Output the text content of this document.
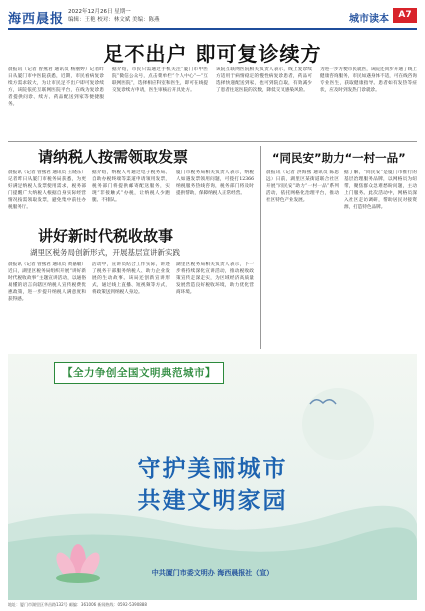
海西晨报 2022年12月26日 星期一
编辑：王艳 校对：林文斌 美编：陈燕	城市读本	A7
足不出户 即可复诊续方
晨报讯（记者 曾燕君 通讯员 杨丽婷）记者昨日从厦门市中医院获悉，近期，市民看病复诊续方需求较大，为让市民足不出户即可复诊续方，该院依托互联网医院平台，在线为复诊患者提供问诊、续方、药品配送到家等便捷服务。
据介绍，市民只需通过手机关注“厦门市中医院”微信公众号，点击菜单栏“个人中心”—“互联网医院”，选择相应科室和医生，即可在线提交复诊续方申请，医生审核后开具处方。
该院互联网医院相关负责人表示，线上复诊续方适用于病情稳定的慢性病复诊患者，药品可选择快递配送到家，也可到院自取，有效减少了患者往返医院的次数，降低交叉感染风险。
为进一步方便市民就医，该院还同步开通了线上健康咨询服务，市民如遇身体不适，可在线咨询专业医生，获取健康指导。患者如有发热等症状，应及时到发热门诊就诊。
请纳税人按需领取发票
晨报讯（记者 曾燕君 通讯员 王晓东）记者昨日从厦门市税务局获悉，为更好满足纳税人发票使用需求，税务部门提醒广大纳税人根据自身实际经营情况按需领取发票，避免集中前往办税服务厅。
据介绍，纳税人可通过电子税务局、自助办税终端等渠道申请领用发票，税务部门将提供邮寄配送服务，实现“非接触式”办税，让纳税人少跑腿、不排队。
厦门市税务局相关负责人表示，纳税人如遇发票领用问题，可拨打12366纳税服务热线咨询，税务部门将及时提供帮助，保障纳税人正常经营。
讲好新时代税收故事
湖里区税务局创新形式，开展基层宣讲新实践
晨报讯（记者 曾燕君 通讯员 黄嘉敏）近日，湖里区税务局组织开展“讲好新时代税收故事”主题宣讲活动，以通俗易懂的语言向辖区纳税人宣传税费优惠政策，进一步提升纳税人满意度和获得感。
活动中，宣讲员结合工作实际，讲述了税务干部服务纳税人、助力企业发展的生动故事。该局还创新宣讲形式，通过线上直播、短视频等方式，将政策送到纳税人身边。
湖里区税务局相关负责人表示，下一步将持续深化宣讲活动，推动税收政策宣传走深走实，为区域经济高质量发展营造良好税收环境，助力优化营商环境。
“同民安”助力“一村一品”
晨报讯（记者 洪海燕 通讯员 陈思远）日前，湖里区某街道联合社区开展“同民安”助力“一村一品”系列活动，依托网格化治理平台，推动社区特色产业发展。
据了解，“同民安”是厦门市推行的基层治理服务品牌，以网格员为纽带，聚焦群众急难愁盼问题，主动上门服务。此次活动中，网格员深入社区走访调研，帮助居民对接资源，打造特色品牌。
【全力争创全国文明典范城市】
守护美丽城市
共建文明家园
中共厦门市委文明办 海西晨报社（宣）
地址：厦门市湖里区华昌路132号 邮编：361006 新闻热线：0592-5390888
